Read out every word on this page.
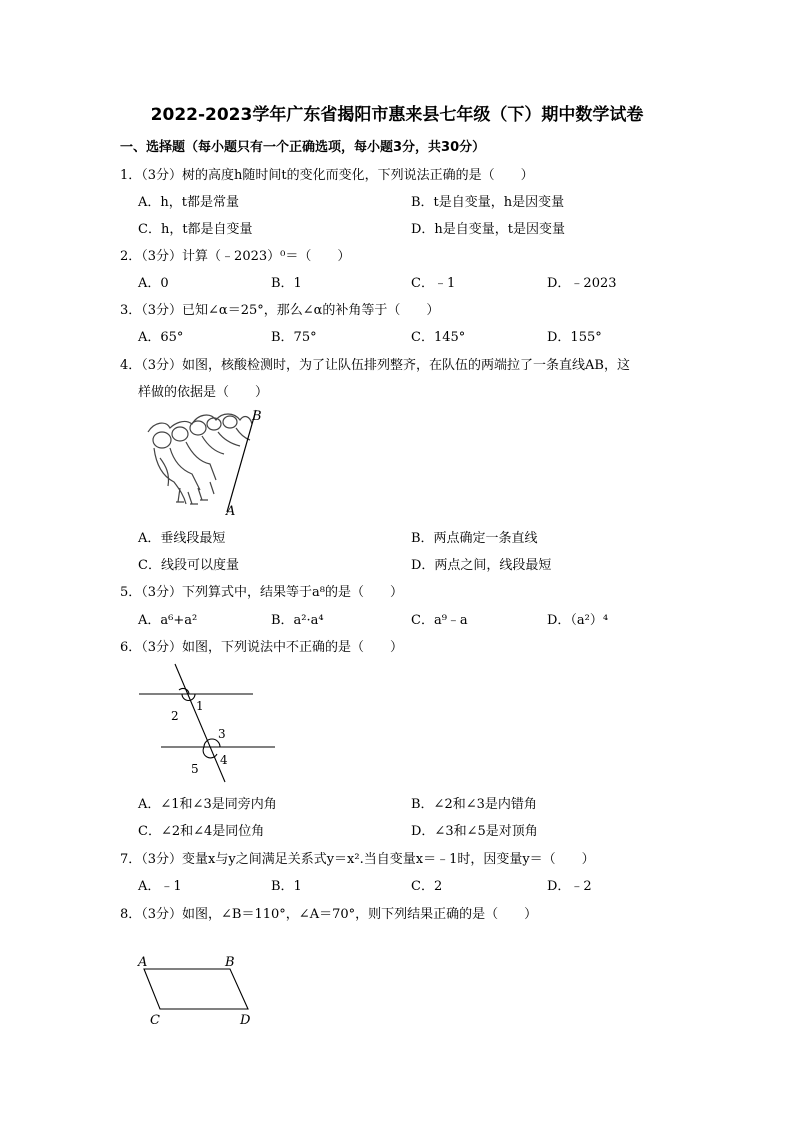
2022-2023学年广东省揭阳市惠来县七年级（下）期中数学试卷
一、选择题（每小题只有一个正确选项，每小题3分，共30分）
1．（3分）树的高度h随时间t的变化而变化，下列说法正确的是（　　）
A．h，t都是常量	B．t是自变量，h是因变量
C．h，t都是自变量	D．h是自变量，t是因变量
2．（3分）计算（﹣2023）⁰＝（　　）
A．0	B．1	C．﹣1	D．﹣2023
3．（3分）已知∠α＝25°，那么∠α的补角等于（　　）
A．65°	B．75°	C．145°	D．155°
4．（3分）如图，核酸检测时，为了让队伍排列整齐，在队伍的两端拉了一条直线AB，这
样做的依据是（　　）
B
A
A．垂线段最短	B．两点确定一条直线
C．线段可以度量	D．两点之间，线段最短
5．（3分）下列算式中，结果等于a⁸的是（　　）
A．a⁶+a²	B．a²·a⁴	C．a⁹﹣a	D．（a²）⁴
6．（3分）如图，下列说法中不正确的是（　　）
1
2
3
4
5
A．∠1和∠3是同旁内角	B．∠2和∠3是内错角
C．∠2和∠4是同位角	D．∠3和∠5是对顶角
7．（3分）变量x与y之间满足关系式y＝x².当自变量x＝﹣1时，因变量y＝（　　）
A．﹣1	B．1	C．2	D．﹣2
8．（3分）如图，∠B＝110°，∠A＝70°，则下列结果正确的是（　　）
A	B
C	D
